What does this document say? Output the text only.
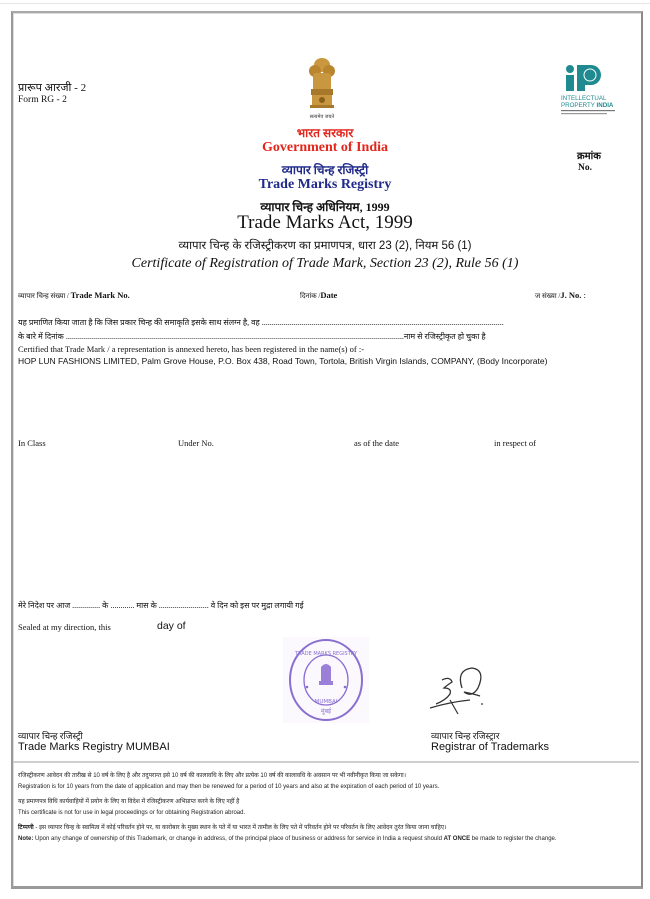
प्रारूप आरजी - 2
Form RG - 2
सत्यमेव जयते
भारत सरकार
Government of India
व्यापार चिन्ह रजिस्ट्री
Trade Marks Registry
व्यापार चिन्ह अधिनियम, 1999
Trade Marks Act, 1999
व्यापार चिन्ह के रजिस्ट्रीकरण का प्रमाणपत्र, धारा 23 (2), नियम 56 (1)
Certificate of Registration of Trade Mark, Section 23 (2), Rule 56 (1)
INTELLECTUAL
PROPERTY INDIA
क्रमांक
No.
व्यापार चिन्ह संख्या / Trade Mark No.	दिनांक /Date	ज संख्या /J. No. :
यह प्रमाणित किया जाता है कि जिस प्रकार चिन्ह की समाकृति इसके साथ संलग्न है, वह .........................................................................................................................
के बारे में दिनांक .........................................................................................................................................................................नाम से रजिस्ट्रीकृत हो चुका है
Certified that Trade Mark / a representation is annexed hereto, has been registered in the name(s) of :-
HOP LUN FASHIONS LIMITED, Palm Grove House, P.O. Box 438, Road Town, Tortola, British Virgin Islands, COMPANY, (Body Incorporate)
In Class	Under No.	as of the date	in respect of
मेरे निदेश पर आज .............. के ............ मास के ......................... वे दिन को इस पर मुद्रा लगायी गई
Sealed at my direction, this	day of
TRADE MARKS REGISTRY
MUMBAI
मुंबई
व्यापार चिन्ह रजिस्ट्री
Trade Marks Registry MUMBAI
व्यापार चिन्ह रजिस्ट्रार
Registrar of Trademarks
रजिस्ट्रीकरण आवेदन की तारीख से 10 वर्ष के लिए है और तदुपरान्त इसे 10 वर्ष की कालावधि के लिए और प्रत्येक 10 वर्ष की कालावधि के अवसान पर भी नवीनीकृत किया जा सकेगा।
Registration is for 10 years from the date of application and may then be renewed for a period of 10 years and also at the expiration of each period of 10 years.
यह प्रमाणपत्र विधि कार्यवाहियों में प्रयोग के लिए या विदेश में रजिस्ट्रीकरण अभिप्राप्त करने के लिए नहीं है
This certificate is not for use in legal proceedings or for obtaining Registration abroad.
टिप्पणी - इस व्यापार चिन्ह के स्वामित्व में कोई परिवर्तन होने पर, या कारोबार के मुख्य स्थान के पते में या भारत में तामील के लिए पते में परिवर्तन होने पर परिवर्तन के लिए आवेदन तुरंत किया जाना चाहिए।
Note: Upon any change of ownership of this Trademark, or change in address, of the principal place of business or address for service in India a request should AT ONCE be made to register the change.
